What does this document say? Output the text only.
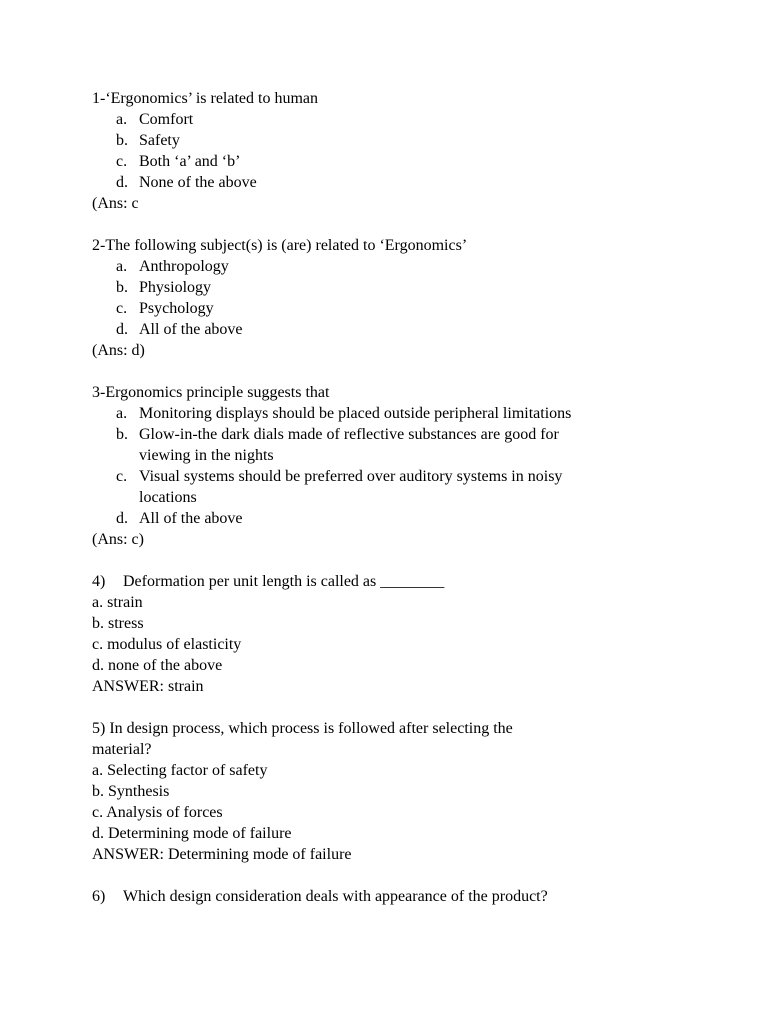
1-‘Ergonomics’ is related to human
a. Comfort
b. Safety
c. Both ‘a’ and ‘b’
d. None of the above
(Ans: c
2-The following subject(s) is (are) related to ‘Ergonomics’
a. Anthropology
b. Physiology
c. Psychology
d. All of the above
(Ans: d)
3-Ergonomics principle suggests that
a. Monitoring displays should be placed outside peripheral limitations
b. Glow-in-the dark dials made of reflective substances are good for
viewing in the nights
c. Visual systems should be preferred over auditory systems in noisy
locations
d. All of the above
(Ans: c)
4) Deformation per unit length is called as ________
a. strain
b. stress
c. modulus of elasticity
d. none of the above
ANSWER: strain
5) In design process, which process is followed after selecting the
material?
a. Selecting factor of safety
b. Synthesis
c. Analysis of forces
d. Determining mode of failure
ANSWER: Determining mode of failure
6) Which design consideration deals with appearance of the product?
